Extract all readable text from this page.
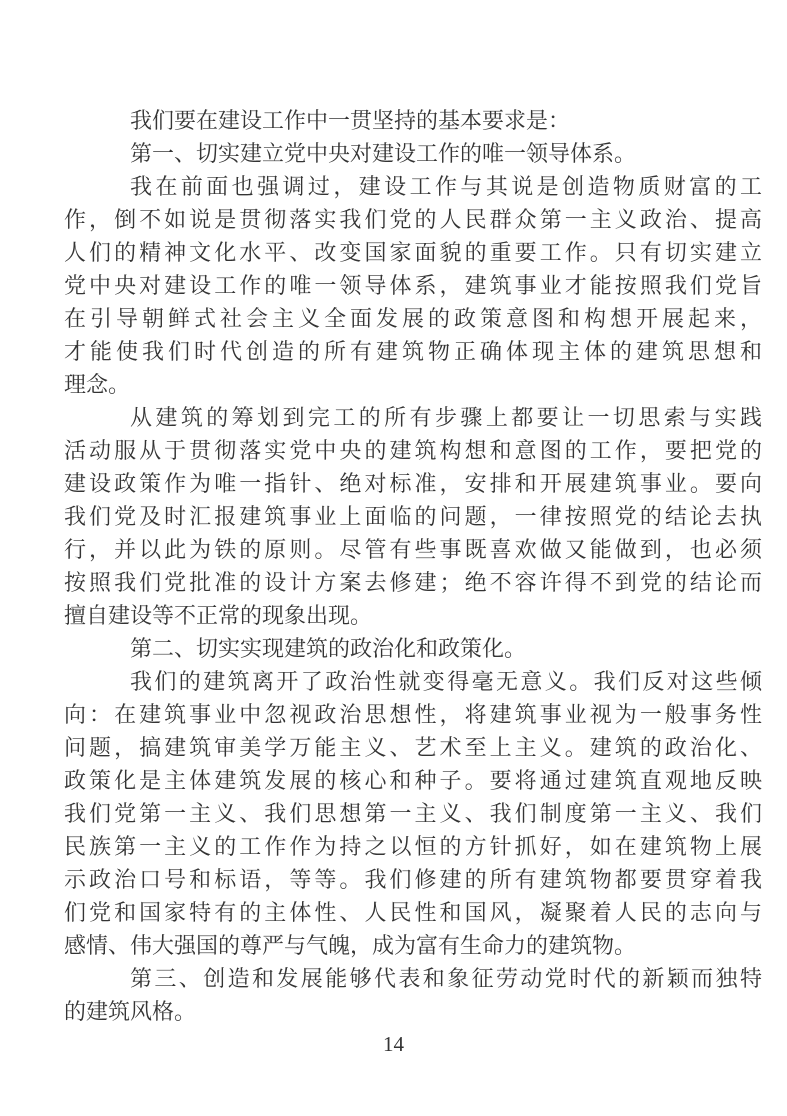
我们要在建设工作中一贯坚持的基本要求是：
第一、切实建立党中央对建设工作的唯一领导体系。
我在前面也强调过，建设工作与其说是创造物质财富的工
作，倒不如说是贯彻落实我们党的人民群众第一主义政治、提高
人们的精神文化水平、改变国家面貌的重要工作。只有切实建立
党中央对建设工作的唯一领导体系，建筑事业才能按照我们党旨
在引导朝鲜式社会主义全面发展的政策意图和构想开展起来，
才能使我们时代创造的所有建筑物正确体现主体的建筑思想和
理念。
从建筑的筹划到完工的所有步骤上都要让一切思索与实践
活动服从于贯彻落实党中央的建筑构想和意图的工作，要把党的
建设政策作为唯一指针、绝对标准，安排和开展建筑事业。要向
我们党及时汇报建筑事业上面临的问题，一律按照党的结论去执
行，并以此为铁的原则。尽管有些事既喜欢做又能做到，也必须
按照我们党批准的设计方案去修建；绝不容许得不到党的结论而
擅自建设等不正常的现象出现。
第二、切实实现建筑的政治化和政策化。
我们的建筑离开了政治性就变得毫无意义。我们反对这些倾
向：在建筑事业中忽视政治思想性，将建筑事业视为一般事务性
问题，搞建筑审美学万能主义、艺术至上主义。建筑的政治化、
政策化是主体建筑发展的核心和种子。要将通过建筑直观地反映
我们党第一主义、我们思想第一主义、我们制度第一主义、我们
民族第一主义的工作作为持之以恒的方针抓好，如在建筑物上展
示政治口号和标语，等等。我们修建的所有建筑物都要贯穿着我
们党和国家特有的主体性、人民性和国风，凝聚着人民的志向与
感情、伟大强国的尊严与气魄，成为富有生命力的建筑物。
第三、创造和发展能够代表和象征劳动党时代的新颖而独特
的建筑风格。
14
